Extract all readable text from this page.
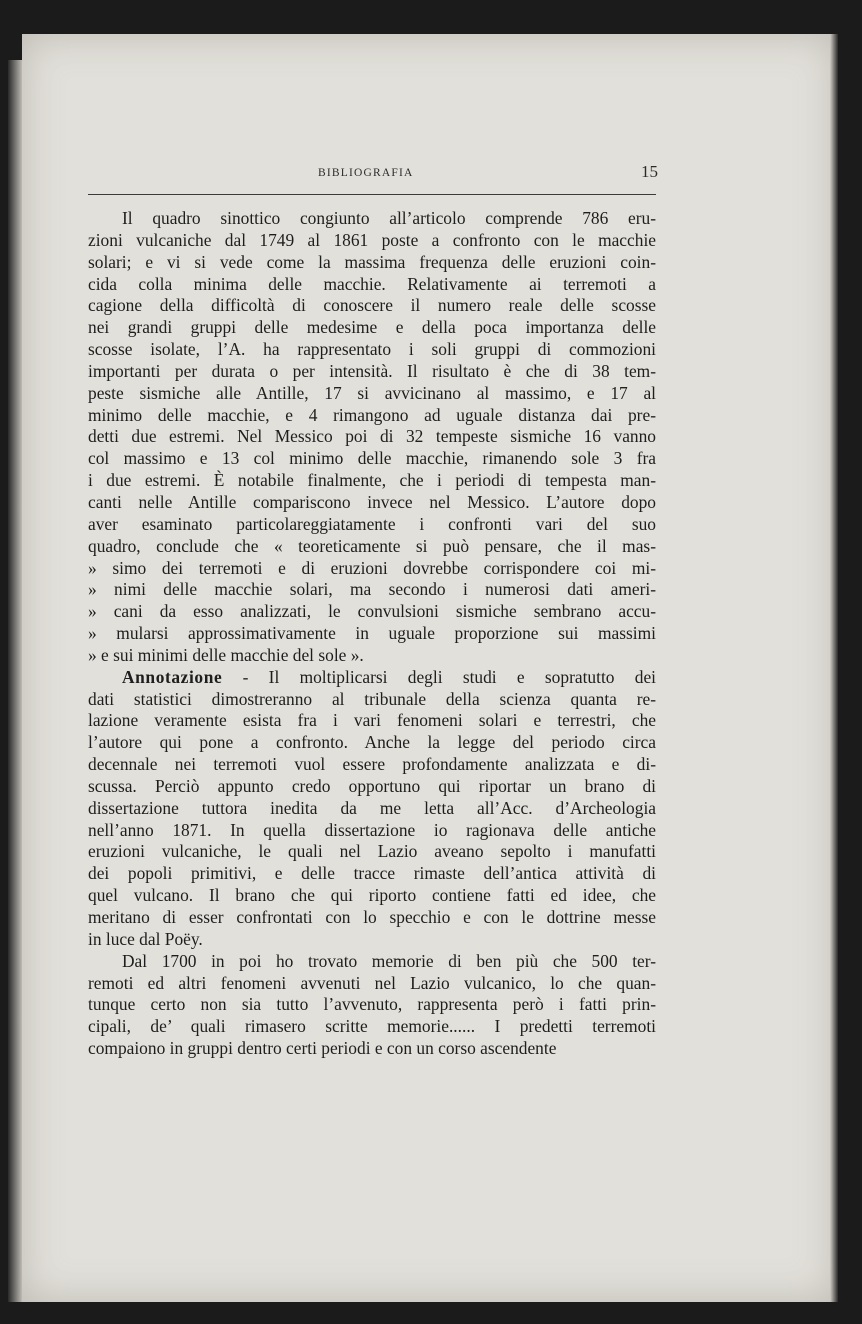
BIBLIOGRAFIA	15
Il quadro sinottico congiunto all’articolo comprende 786 eru-
zioni vulcaniche dal 1749 al 1861 poste a confronto con le macchie
solari; e vi si vede come la massima frequenza delle eruzioni coin-
cida colla minima delle macchie. Relativamente ai terremoti a
cagione della difficoltà di conoscere il numero reale delle scosse
nei grandi gruppi delle medesime e della poca importanza delle
scosse isolate, l’A. ha rappresentato i soli gruppi di commozioni
importanti per durata o per intensità. Il risultato è che di 38 tem-
peste sismiche alle Antille, 17 si avvicinano al massimo, e 17 al
minimo delle macchie, e 4 rimangono ad uguale distanza dai pre-
detti due estremi. Nel Messico poi di 32 tempeste sismiche 16 vanno
col massimo e 13 col minimo delle macchie, rimanendo sole 3 fra
i due estremi. È notabile finalmente, che i periodi di tempesta man-
canti nelle Antille compariscono invece nel Messico. L’autore dopo
aver esaminato particolareggiatamente i confronti vari del suo
quadro, conclude che « teoreticamente si può pensare, che il mas-
» simo dei terremoti e di eruzioni dovrebbe corrispondere coi mi-
» nimi delle macchie solari, ma secondo i numerosi dati ameri-
» cani da esso analizzati, le convulsioni sismiche sembrano accu-
» mularsi approssimativamente in uguale proporzione sui massimi
» e sui minimi delle macchie del sole ».
Annotazione - Il moltiplicarsi degli studi e sopratutto dei
dati statistici dimostreranno al tribunale della scienza quanta re-
lazione veramente esista fra i vari fenomeni solari e terrestri, che
l’autore qui pone a confronto. Anche la legge del periodo circa
decennale nei terremoti vuol essere profondamente analizzata e di-
scussa. Perciò appunto credo opportuno qui riportar un brano di
dissertazione tuttora inedita da me letta all’Acc. d’Archeologia
nell’anno 1871. In quella dissertazione io ragionava delle antiche
eruzioni vulcaniche, le quali nel Lazio aveano sepolto i manufatti
dei popoli primitivi, e delle tracce rimaste dell’antica attività di
quel vulcano. Il brano che qui riporto contiene fatti ed idee, che
meritano di esser confrontati con lo specchio e con le dottrine messe
in luce dal Poëy.
Dal 1700 in poi ho trovato memorie di ben più che 500 ter-
remoti ed altri fenomeni avvenuti nel Lazio vulcanico, lo che quan-
tunque certo non sia tutto l’avvenuto, rappresenta però i fatti prin-
cipali, de’ quali rimasero scritte memorie...... I predetti terremoti
compaiono in gruppi dentro certi periodi e con un corso ascendente
